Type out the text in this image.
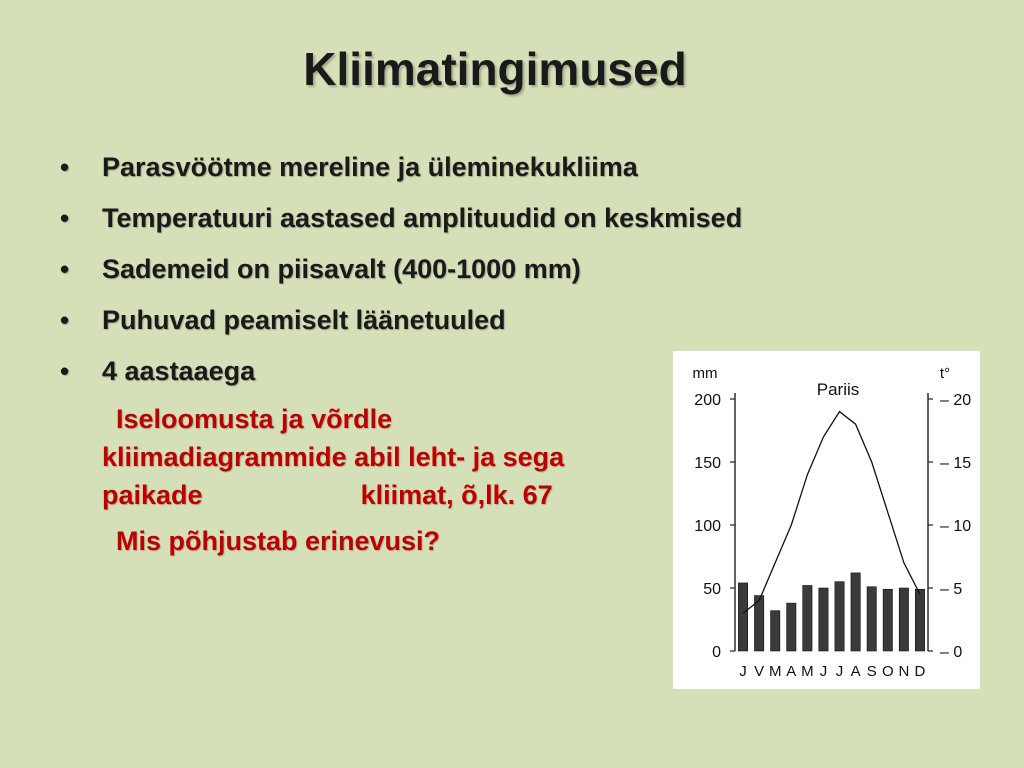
Kliimatingimused
• Parasvöötme mereline ja üleminekukliima
• Temperatuuri aastased amplituudid on keskmised
• Sademeid on piisavalt (400-1000 mm)
• Puhuvad peamiselt läänetuuled
• 4 aastaaega
Iseloomusta ja võrdle
kliimadiagrammide abil leht- ja sega
paikade	kliimat, õ,lk. 67
Mis põhjustab erinevusi?
Pariis
mm	t°
0
50
100
150
200
– 0
– 5
– 10
– 15
– 20
J V M A M J J A S O N D
